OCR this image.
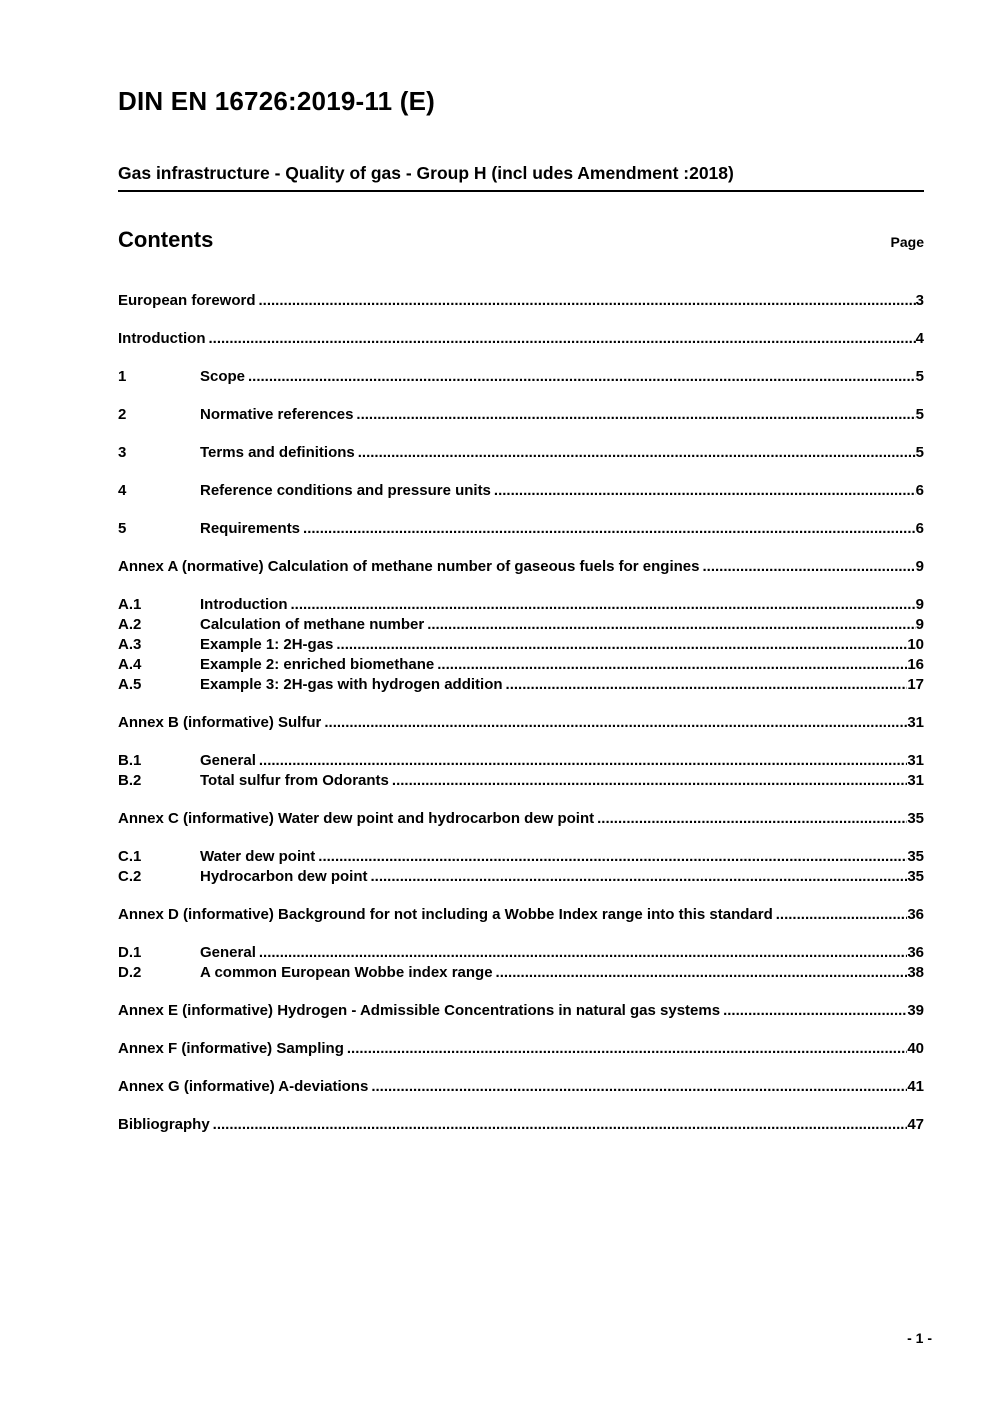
DIN EN 16726:2019-11 (E)
Gas infrastructure - Quality of gas - Group H (incl udes Amendment :2018)
Contents	Page
European foreword .....	3
Introduction .....	4
1	Scope .....	5
2	Normative references .....	5
3	Terms and definitions .....	5
4	Reference conditions and pressure units .....	6
5	Requirements .....	6
Annex A (normative) Calculation of methane number of gaseous fuels for engines .....	9
A.1	Introduction .....	9
A.2	Calculation of methane number .....	9
A.3	Example 1: 2H-gas .....	10
A.4	Example 2: enriched biomethane .....	16
A.5	Example 3: 2H-gas with hydrogen addition .....	17
Annex B (informative) Sulfur .....	31
B.1	General .....	31
B.2	Total sulfur from Odorants .....	31
Annex C (informative) Water dew point and hydrocarbon dew point .....	35
C.1	Water dew point .....	35
C.2	Hydrocarbon dew point .....	35
Annex D (informative) Background for not including a Wobbe Index range into this standard .....	36
D.1	General .....	36
D.2	A common European Wobbe index range .....	38
Annex E (informative) Hydrogen - Admissible Concentrations in natural gas systems .....	39
Annex F (informative) Sampling .....	40
Annex G (informative) A-deviations .....	41
Bibliography .....	47
- 1 -
